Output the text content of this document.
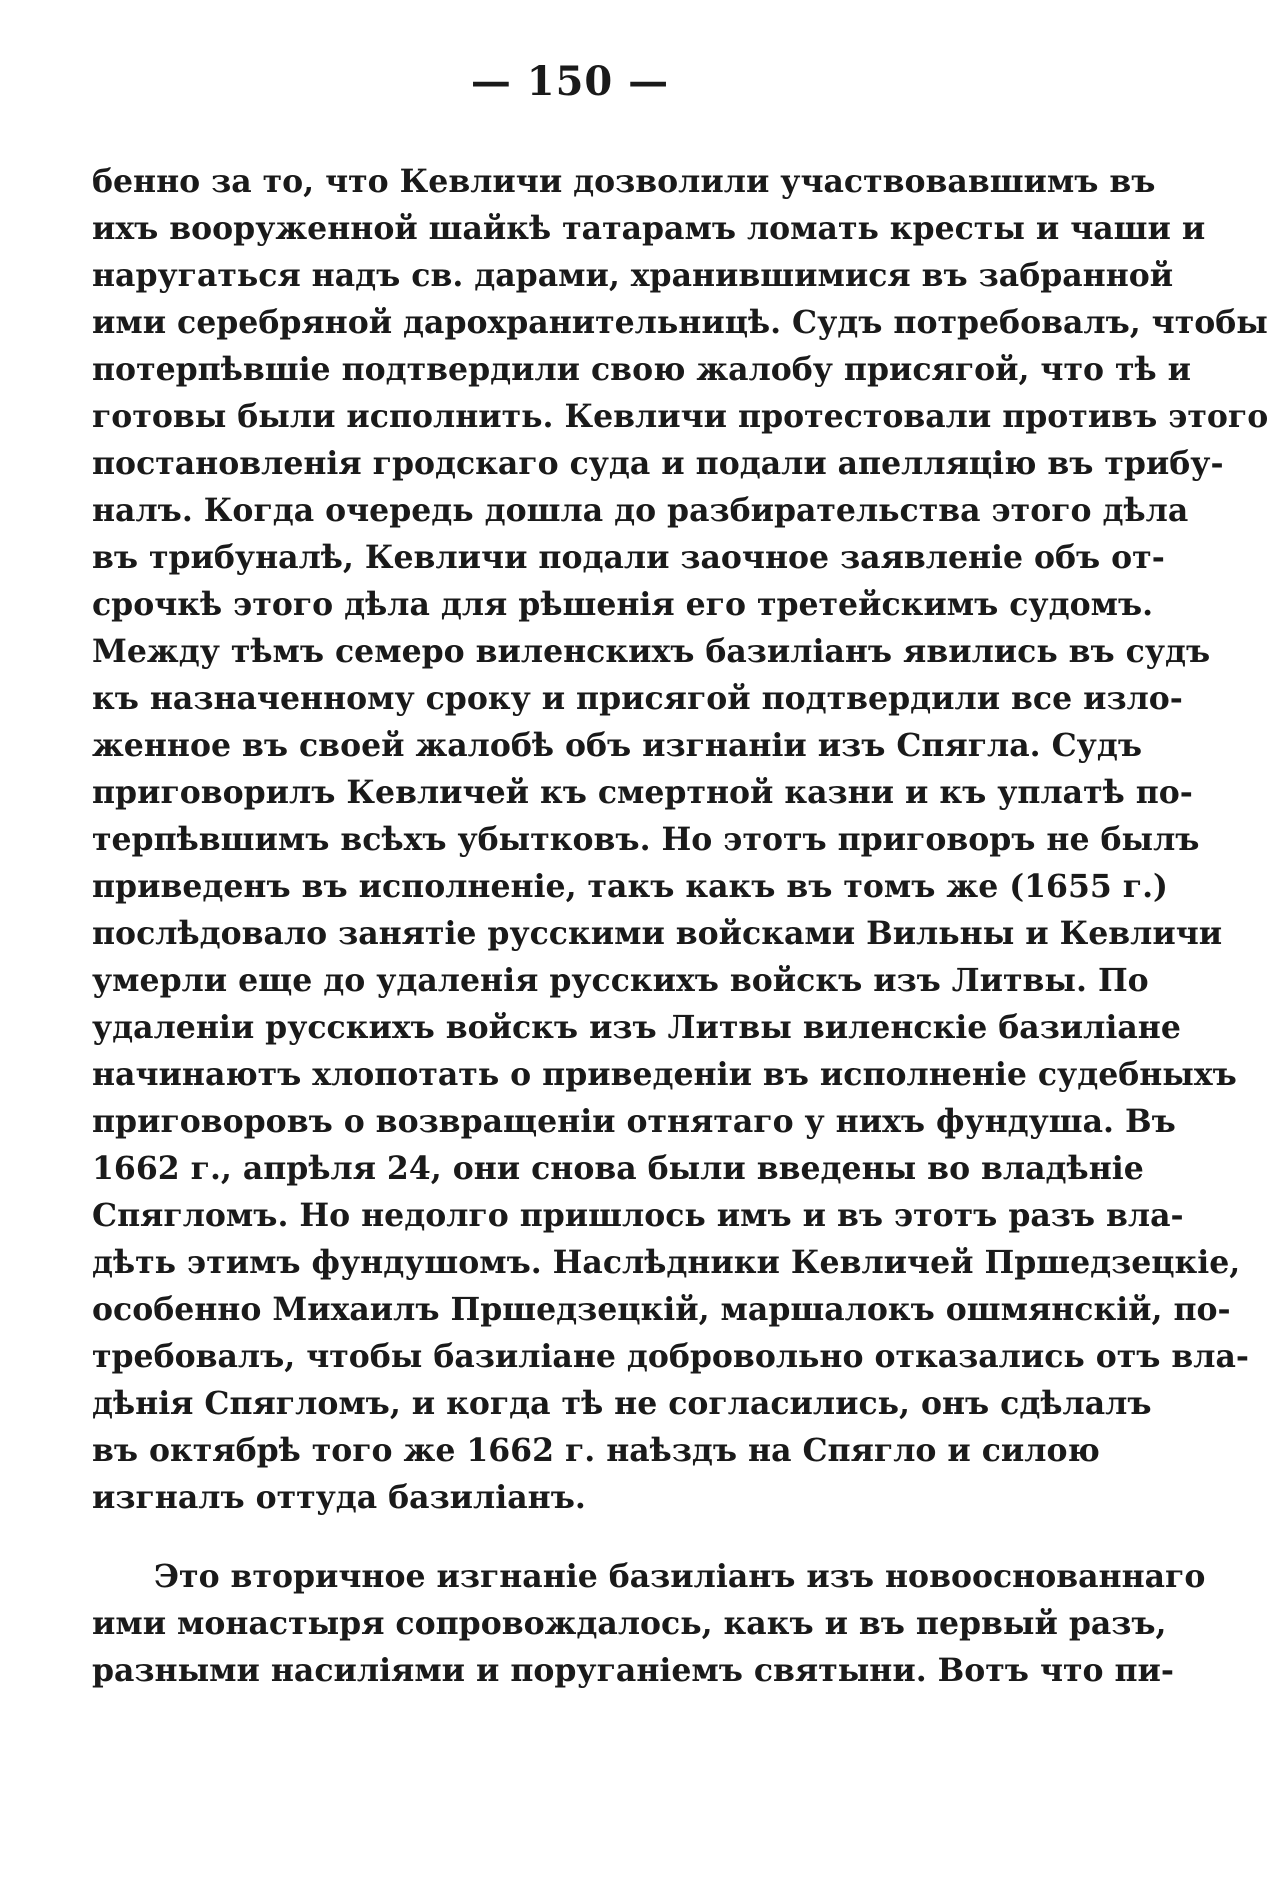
— 150 —
бенно за то, что Кевличи дозволили участвовавшимъ въ
ихъ вооруженной шайкѣ татарамъ ломать кресты и чаши и
наругаться надъ св. дарами, хранившимися въ забранной
ими серебряной дарохранительницѣ. Судъ потребовалъ, чтобы
потерпѣвшіе подтвердили свою жалобу присягой, что тѣ и
готовы были исполнить. Кевличи протестовали противъ этого
постановленія гродскаго суда и подали апелляцію въ трибу-
налъ. Когда очередь дошла до разбирательства этого дѣла
въ трибуналѣ, Кевличи подали заочное заявленіе объ от-
срочкѣ этого дѣла для рѣшенія его третейскимъ судомъ.
Между тѣмъ семеро виленскихъ базиліанъ явились въ судъ
къ назначенному сроку и присягой подтвердили все изло-
женное въ своей жалобѣ объ изгнаніи изъ Спягла. Судъ
приговорилъ Кевличей къ смертной казни и къ уплатѣ по-
терпѣвшимъ всѣхъ убытковъ. Но этотъ приговоръ не былъ
приведенъ въ исполненіе, такъ какъ въ томъ же (1655 г.)
послѣдовало занятіе русскими войсками Вильны и Кевличи
умерли еще до удаленія русскихъ войскъ изъ Литвы. По
удаленіи русскихъ войскъ изъ Литвы виленскіе базиліане
начинаютъ хлопотать о приведеніи въ исполненіе судебныхъ
приговоровъ о возвращеніи отнятаго у нихъ фундуша. Въ
1662 г., апрѣля 24, они снова были введены во владѣніе
Спягломъ. Но недолго пришлось имъ и въ этотъ разъ вла-
дѣть этимъ фундушомъ. Наслѣдники Кевличей Пршедзецкіе,
особенно Михаилъ Пршедзецкій, маршалокъ ошмянскій, по-
требовалъ, чтобы базиліане добровольно отказались отъ вла-
дѣнія Спягломъ, и когда тѣ не согласились, онъ сдѣлалъ
въ октябрѣ того же 1662 г. наѣздъ на Спягло и силою
изгналъ оттуда базиліанъ.
Это вторичное изгнаніе базиліанъ изъ новооснованнаго
ими монастыря сопровождалось, какъ и въ первый разъ,
разными насиліями и поруганіемъ святыни. Вотъ что пи-
